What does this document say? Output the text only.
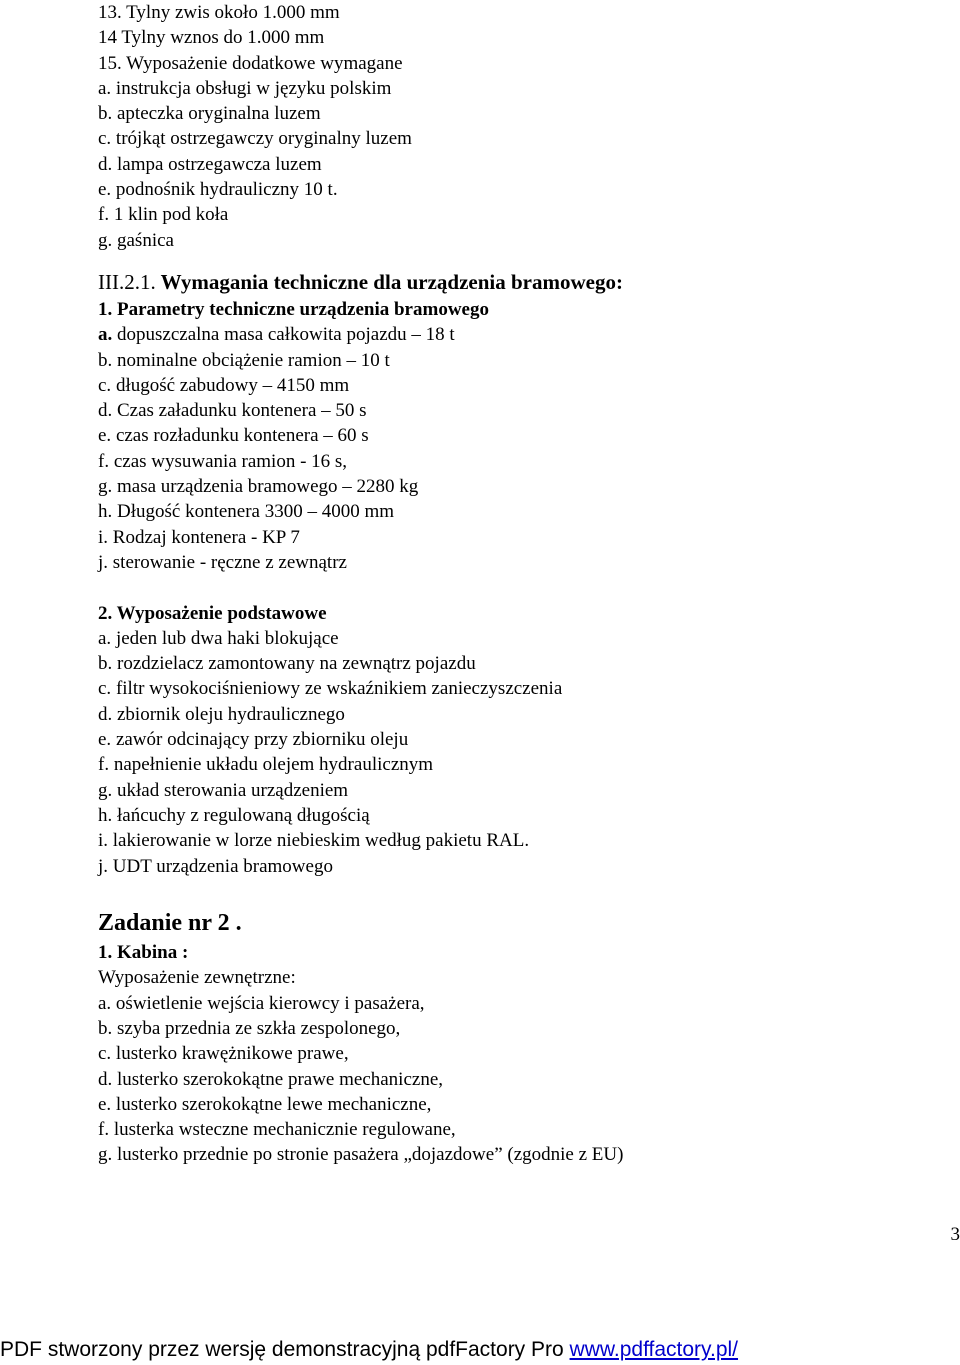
13. Tylny zwis około 1.000 mm
14 Tylny wznos do 1.000 mm
15. Wyposażenie dodatkowe wymagane
a. instrukcja obsługi w języku polskim
b. apteczka oryginalna luzem
c. trójkąt ostrzegawczy oryginalny luzem
d. lampa ostrzegawcza luzem
e. podnośnik hydrauliczny 10 t.
f. 1 klin pod koła
g. gaśnica
III.2.1. Wymagania techniczne dla urządzenia bramowego:
1. Parametry techniczne urządzenia bramowego
a. dopuszczalna masa całkowita pojazdu – 18 t
b. nominalne obciążenie ramion – 10 t
c. długość zabudowy – 4150 mm
d. Czas załadunku kontenera – 50 s
e. czas rozładunku kontenera – 60 s
f. czas wysuwania ramion - 16 s,
g. masa urządzenia bramowego – 2280 kg
h. Długość kontenera 3300 – 4000 mm
i. Rodzaj kontenera - KP 7
j. sterowanie - ręczne z zewnątrz
2. Wyposażenie podstawowe
a. jeden lub dwa haki blokujące
b. rozdzielacz zamontowany na zewnątrz pojazdu
c. filtr wysokociśnieniowy ze wskaźnikiem zanieczyszczenia
d. zbiornik oleju hydraulicznego
e. zawór odcinający przy zbiorniku oleju
f. napełnienie układu olejem hydraulicznym
g. układ sterowania urządzeniem
h. łańcuchy z regulowaną długością
i. lakierowanie w lorze niebieskim według pakietu RAL.
j. UDT urządzenia bramowego
Zadanie nr 2 .
1. Kabina :
Wyposażenie zewnętrzne:
a. oświetlenie wejścia kierowcy i pasażera,
b. szyba przednia ze szkła zespolonego,
c. lusterko krawężnikowe prawe,
d. lusterko szerokokątne prawe mechaniczne,
e. lusterko szerokokątne lewe mechaniczne,
f. lusterka wsteczne mechanicznie regulowane,
g. lusterko przednie po stronie pasażera „dojazdowe” (zgodnie z EU)
3
PDF stworzony przez wersję demonstracyjną pdfFactory Pro www.pdffactory.pl/
